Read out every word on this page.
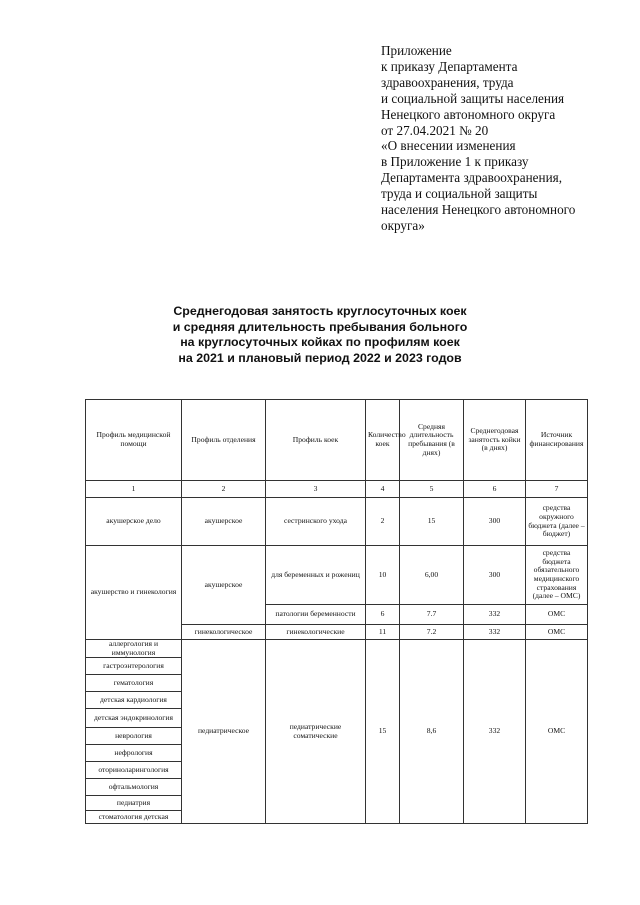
Приложение
к приказу Департамента
здравоохранения, труда
и социальной защиты населения
Ненецкого автономного округа
от 27.04.2021 № 20
«О внесении изменения
в Приложение 1 к приказу
Департамента здравоохранения,
труда и социальной защиты
населения Ненецкого автономного
округа»
Среднегодовая занятость круглосуточных коек
и средняя длительность пребывания больного
на круглосуточных койках по профилям коек
на 2021 и плановый период 2022 и 2023 годов
Профиль медицинской помощи	Профиль отделения	Профиль коек	Количество коек	Средняя длительность пребывания (в днях)	Среднегодовая занятость койки (в днях)	Источник финансирования
1	2	3	4	5	6	7
акушерское дело	акушерское	сестринского ухода	2	15	300	средства окружного бюджета (далее – бюджет)
акушерство и гинекология	акушерское	для беременных и рожениц	10	6,00	300	средства бюджета обязательного медицинского страхования (далее – ОМС)
		патологии беременности	6	7.7	332	ОМС
	гинекологическое	гинекологические	11	7.2	332	ОМС
аллергология и иммунология	педиатрическое	педиатрические соматические	15	8,6	332	ОМС
гастроэнтерология						
гематология						
детская кардиология						
детская эндокринология						
неврология						
нефрология						
оториноларингология						
офтальмология						
педиатрия						
стоматология детская						
